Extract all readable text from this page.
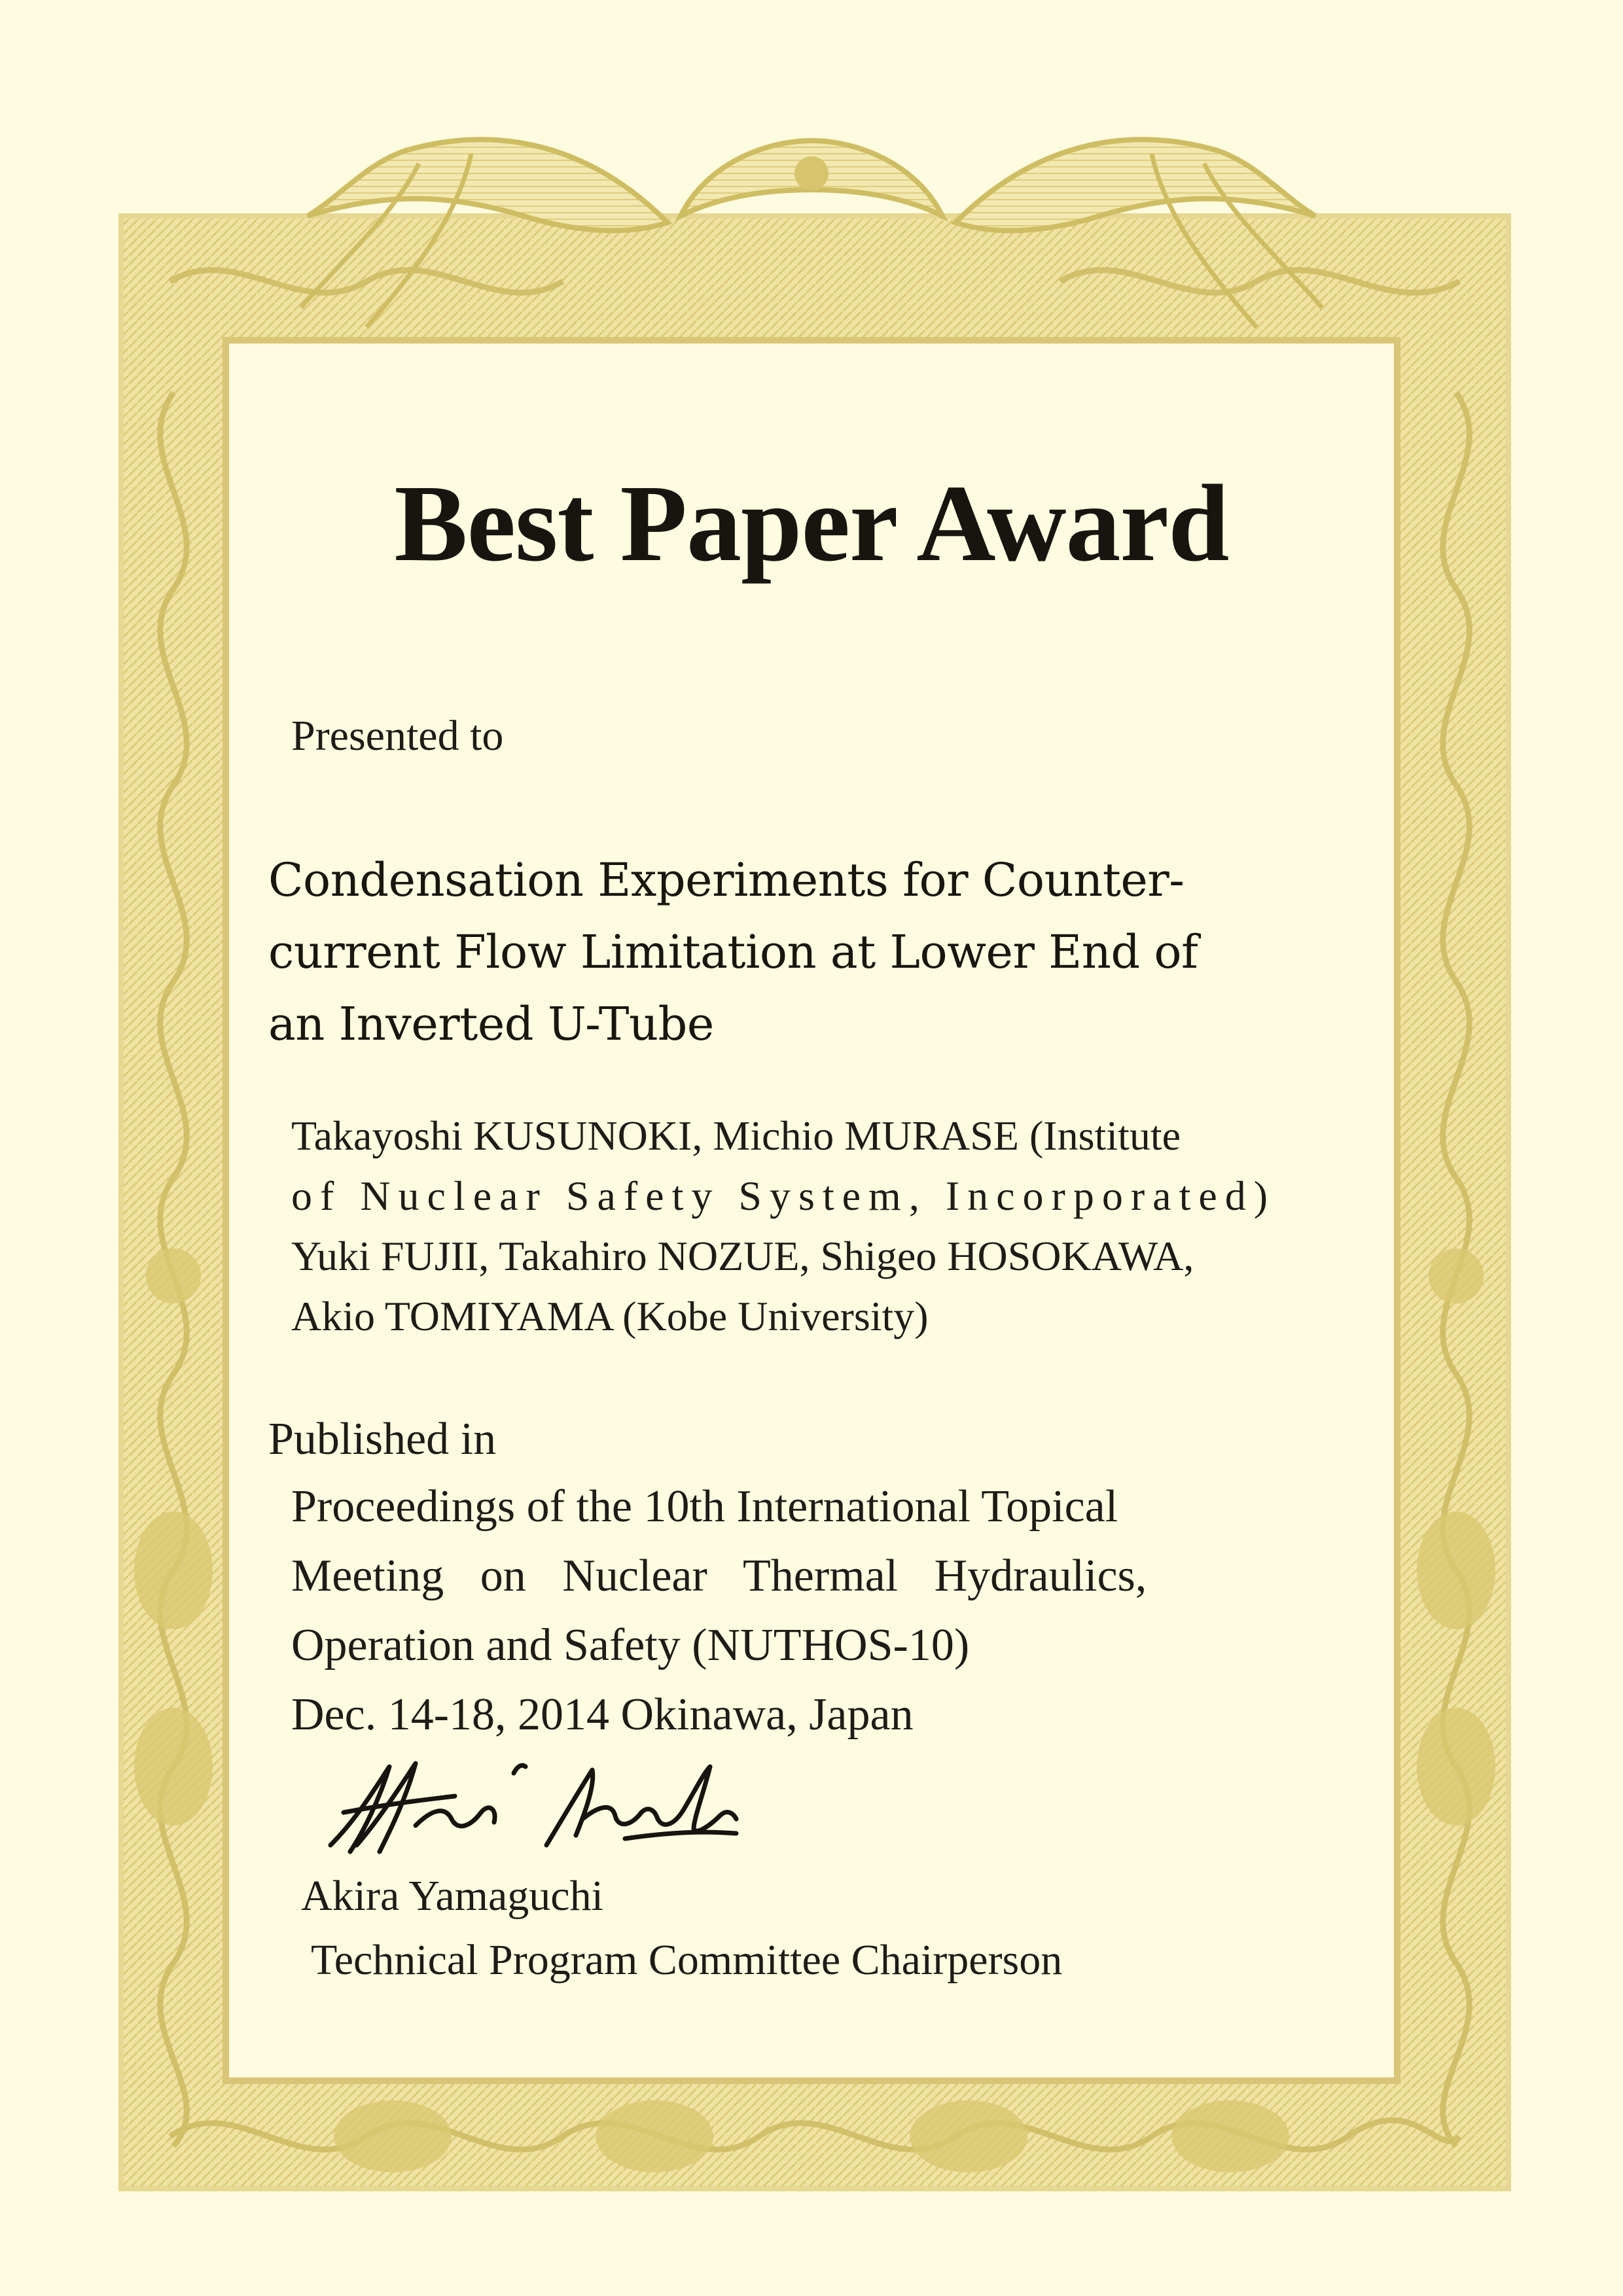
Best Paper Award

Presented to

Condensation Experiments for Counter-

current Flow Limitation at Lower End of

an Inverted U-Tube

Takayoshi KUSUNOKI, Michio MURASE (Institute

of Nuclear Safety System, Incorporated)

Yuki FUJII, Takahiro NOZUE, Shigeo HOSOKAWA,

Akio TOMIYAMA (Kobe University)

Published in

Proceedings of the 10th International Topical

Meeting on Nuclear Thermal Hydraulics,

Operation and Safety (NUTHOS-10)

Dec. 14-18, 2014 Okinawa, Japan

Akira Yamaguchi

Technical Program Committee Chairperson
